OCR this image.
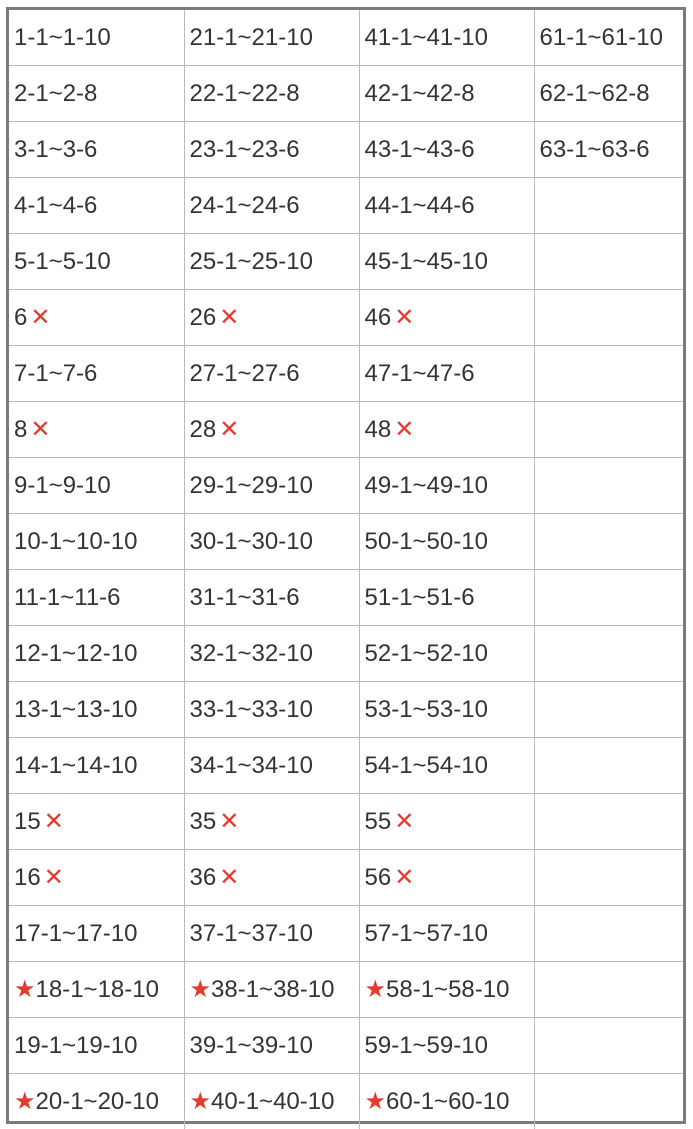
1-1~1-10	21-1~21-10	41-1~41-10	61-1~61-10
2-1~2-8	22-1~22-8	42-1~42-8	62-1~62-8
3-1~3-6	23-1~23-6	43-1~43-6	63-1~63-6
4-1~4-6	24-1~24-6	44-1~44-6	
5-1~5-10	25-1~25-10	45-1~45-10	
6 ✕	26 ✕	46 ✕	
7-1~7-6	27-1~27-6	47-1~47-6	
8 ✕	28 ✕	48 ✕	
9-1~9-10	29-1~29-10	49-1~49-10	
10-1~10-10	30-1~30-10	50-1~50-10	
11-1~11-6	31-1~31-6	51-1~51-6	
12-1~12-10	32-1~32-10	52-1~52-10	
13-1~13-10	33-1~33-10	53-1~53-10	
14-1~14-10	34-1~34-10	54-1~54-10	
15 ✕	35 ✕	55 ✕	
16 ✕	36 ✕	56 ✕	
17-1~17-10	37-1~37-10	57-1~57-10	
★18-1~18-10	★38-1~38-10	★58-1~58-10	
19-1~19-10	39-1~39-10	59-1~59-10	
★20-1~20-10	★40-1~40-10	★60-1~60-10	
